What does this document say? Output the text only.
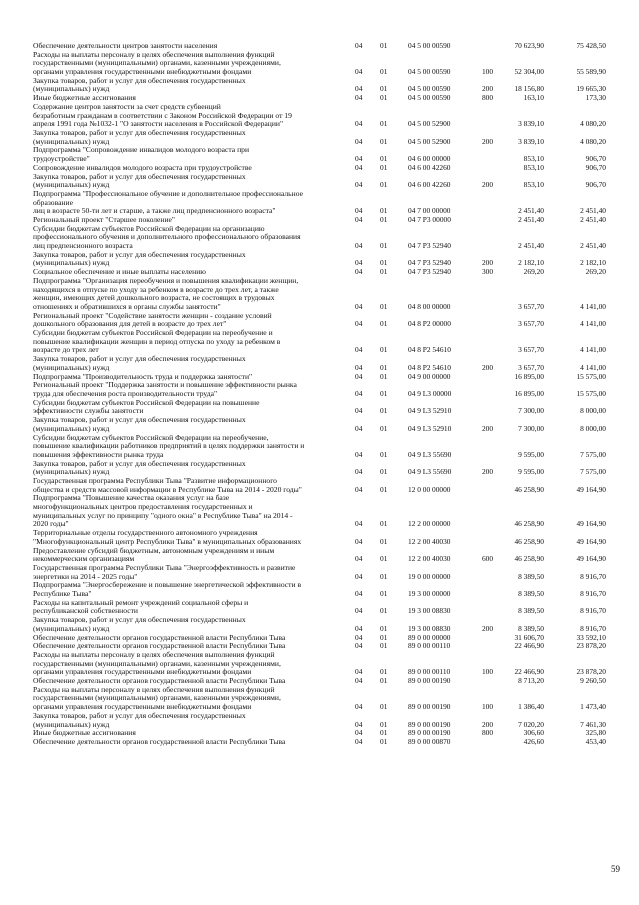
Обеспечение деятельности центров занятости населения	04	01	04 5 00 00590	70 623,90	75 428,50
Расходы на выплаты персоналу в целях обеспечения выполнения функций
государственными (муниципальными) органами, казенными учреждениями,
органами управления государственными внебюджетными фондами	04	01	04 5 00 00590	100	52 304,00	55 589,90
Закупка товаров, работ и услуг для обеспечения государственных
(муниципальных) нужд	04	01	04 5 00 00590	200	18 156,80	19 665,30
Иные бюджетные ассигнования	04	01	04 5 00 00590	800	163,10	173,30
Содержание центров занятости за счет средств субвенций
безработным гражданам в соответствии с Законом Российской Федерации от 19
апреля 1991 года №1032-1 "О занятости населения в Российской Федерации"	04	01	04 5 00 52900	3 839,10	4 080,20
Закупка товаров, работ и услуг для обеспечения государственных
(муниципальных) нужд	04	01	04 5 00 52900	200	3 839,10	4 080,20
Подпрограмма "Сопровождение инвалидов молодого возраста при
трудоустройстве"	04	01	04 6 00 00000	853,10	906,70
Сопровождение инвалидов молодого возраста при трудоустройстве	04	01	04 6 00 42260	853,10	906,70
Закупка товаров, работ и услуг для обеспечения государственных
(муниципальных) нужд	04	01	04 6 00 42260	200	853,10	906,70
Подпрограмма "Профессиональное обучение и дополнительное профессиональное
образование
лиц в возрасте 50-ти лет и старше, а также лиц предпенсионного возраста"	04	01	04 7 00 00000	2 451,40	2 451,40
Региональный проект "Старшее поколение"	04	01	04 7 P3 00000	2 451,40	2 451,40
Субсидии бюджетам субъектов Российской Федерации на организацию
профессионального обучения и дополнительного профессионального образования
лиц предпенсионного возраста	04	01	04 7 P3 52940	2 451,40	2 451,40
Закупка товаров, работ и услуг для обеспечения государственных
(муниципальных) нужд	04	01	04 7 P3 52940	200	2 182,10	2 182,10
Социальное обеспечение и иные выплаты населению	04	01	04 7 P3 52940	300	269,20	269,20
Подпрограмма "Организация переобучения и повышения квалификации женщин,
находящихся в отпуске по уходу за ребенком в возрасте до трех лет, а также
женщин, имеющих детей дошкольного возраста, не состоящих в трудовых
отношениях и обратившихся в органы службы занятости"	04	01	04 8 00 00000	3 657,70	4 141,00
Региональный проект "Содействие занятости женщин - создание условий
дошкольного образования для детей в возрасте до трех лет"	04	01	04 8 P2 00000	3 657,70	4 141,00
Субсидии бюджетам субъектов Российской Федерации на переобучение и
повышение квалификации женщин в период отпуска по уходу за ребенком в
возрасте до трех лет	04	01	04 8 P2 54610	3 657,70	4 141,00
Закупка товаров, работ и услуг для обеспечения государственных
(муниципальных) нужд	04	01	04 8 P2 54610	200	3 657,70	4 141,00
Подпрограмма "Производительность труда и поддержка занятости"	04	01	04 9 00 00000	16 895,00	15 575,00
Региональный проект "Поддержка занятости и повышение эффективности рынка
труда для обеспечения роста производительности труда"	04	01	04 9 L3 00000	16 895,00	15 575,00
Субсидии бюджетам субъектов Российской Федерации на повышение
эффективности службы занятости	04	01	04 9 L3 52910	7 300,00	8 000,00
Закупка товаров, работ и услуг для обеспечения государственных
(муниципальных) нужд	04	01	04 9 L3 52910	200	7 300,00	8 000,00
Субсидии бюджетам субъектов Российской Федерации на переобучение,
повышение квалификации работников предприятий в целях поддержки занятости и
повышения эффективности рынка труда	04	01	04 9 L3 55690	9 595,00	7 575,00
Закупка товаров, работ и услуг для обеспечения государственных
(муниципальных) нужд	04	01	04 9 L3 55690	200	9 595,00	7 575,00
Государственная программа Республики Тыва "Развитие информационного
общества и средств массовой информации в Республике Тыва на 2014 - 2020 годы"	04	01	12 0 00 00000	46 258,90	49 164,90
Подпрограмма "Повышение качества оказания услуг на базе
многофункциональных центров предоставления государственных и
муниципальных услуг по принципу "одного окна" в Республике Тыва" на 2014 -
2020 годы"	04	01	12 2 00 00000	46 258,90	49 164,90
Территориальные отделы государственного автономного учреждения
"Многофункциональный центр Республики Тыва" в муниципальных образованиях	04	01	12 2 00 40030	46 258,90	49 164,90
Предоставление субсидий бюджетным, автономным учреждениям и иным
некоммерческим организациям	04	01	12 2 00 40030	600	46 258,90	49 164,90
Государственная программа Республики Тыва "Энергоэффективность и развитие
энергетики на 2014 - 2025 годы"	04	01	19 0 00 00000	8 389,50	8 916,70
Подпрограмма "Энергосбережение и повышение энергетической эффективности в
Республике Тыва"	04	01	19 3 00 00000	8 389,50	8 916,70
Расходы на капитальный ремонт учреждений социальной сферы и
республиканской собственности	04	01	19 3 00 08830	8 389,50	8 916,70
Закупка товаров, работ и услуг для обеспечения государственных
(муниципальных) нужд	04	01	19 3 00 08830	200	8 389,50	8 916,70
Обеспечение деятельности органов государственной власти Республики Тыва	04	01	89 0 00 00000	31 606,70	33 592,10
Обеспечение деятельности органов государственной власти Республики Тыва	04	01	89 0 00 00110	22 466,90	23 878,20
Расходы на выплаты персоналу в целях обеспечения выполнения функций
государственными (муниципальными) органами, казенными учреждениями,
органами управления государственными внебюджетными фондами	04	01	89 0 00 00110	100	22 466,90	23 878,20
Обеспечение деятельности органов государственной власти Республики Тыва	04	01	89 0 00 00190	8 713,20	9 260,50
Расходы на выплаты персоналу в целях обеспечения выполнения функций
государственными (муниципальными) органами, казенными учреждениями,
органами управления государственными внебюджетными фондами	04	01	89 0 00 00190	100	1 386,40	1 473,40
Закупка товаров, работ и услуг для обеспечения государственных
(муниципальных) нужд	04	01	89 0 00 00190	200	7 020,20	7 461,30
Иные бюджетные ассигнования	04	01	89 0 00 00190	800	306,60	325,80
Обеспечение деятельности органов государственной власти Республики Тыва	04	01	89 0 00 00870	426,60	453,40
59
